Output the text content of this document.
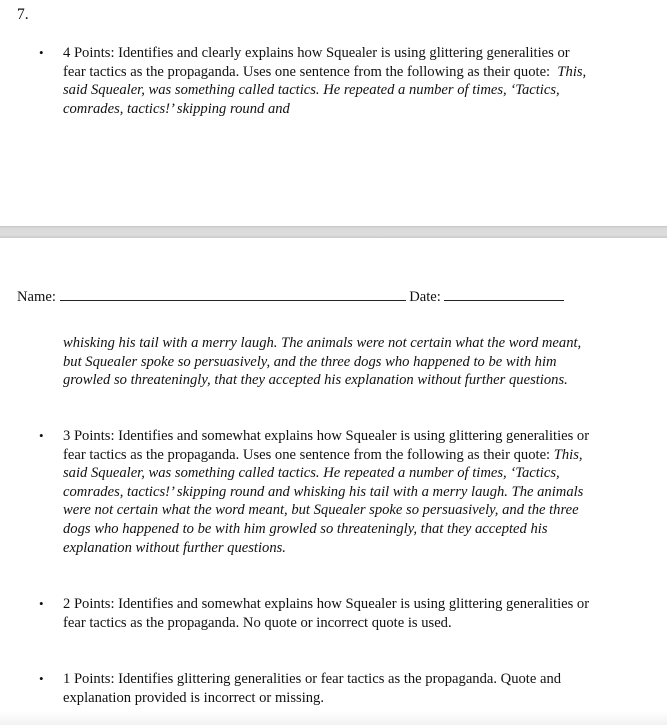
7.
• 4 Points: Identifies and clearly explains how Squealer is using glittering generalities or fear tactics as the propaganda. Uses one sentence from the following as their quote: This, said Squealer, was something called tactics. He repeated a number of times, ‘Tactics, comrades, tactics!’ skipping round and
Name:	Date:
whisking his tail with a merry laugh. The animals were not certain what the word meant, but Squealer spoke so persuasively, and the three dogs who happened to be with him growled so threateningly, that they accepted his explanation without further questions.
• 3 Points: Identifies and somewhat explains how Squealer is using glittering generalities or fear tactics as the propaganda. Uses one sentence from the following as their quote: This, said Squealer, was something called tactics. He repeated a number of times, ‘Tactics, comrades, tactics!’ skipping round and whisking his tail with a merry laugh. The animals were not certain what the word meant, but Squealer spoke so persuasively, and the three dogs who happened to be with him growled so threateningly, that they accepted his explanation without further questions.
• 2 Points: Identifies and somewhat explains how Squealer is using glittering generalities or fear tactics as the propaganda. No quote or incorrect quote is used.
• 1 Points: Identifies glittering generalities or fear tactics as the propaganda. Quote and explanation provided is incorrect or missing.
